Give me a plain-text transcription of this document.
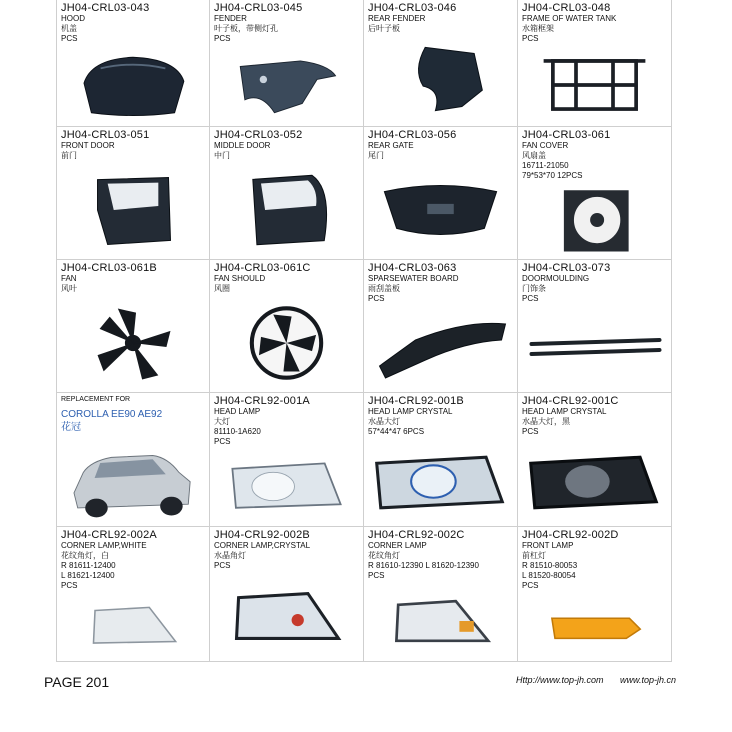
JH04-CRL03-043
HOOD
机盖
PCS
JH04-CRL03-045
FENDER
叶子板，带侧灯孔
PCS
JH04-CRL03-046
REAR FENDER
后叶子板
JH04-CRL03-048
FRAME OF WATER TANK
水箱框架
PCS
JH04-CRL03-051
FRONT DOOR
前门
JH04-CRL03-052
MIDDLE DOOR
中门
JH04-CRL03-056
REAR GATE
尾门
JH04-CRL03-061
FAN COVER
风扇盖
16711-21050
79*53*70 12PCS
JH04-CRL03-061B
FAN
风叶
JH04-CRL03-061C
FAN SHOULD
风圈
JH04-CRL03-063
SPARSEWATER BOARD
雨刮盖板
PCS
JH04-CRL03-073
DOORMOULDING
门饰条
PCS
REPLACEMENT FOR
COROLLA EE90 AE92
花冠
JH04-CRL92-001A
HEAD LAMP
大灯
81110-1A620
PCS
JH04-CRL92-001B
HEAD LAMP CRYSTAL
水晶大灯
57*44*47 6PCS
JH04-CRL92-001C
HEAD LAMP CRYSTAL
水晶大灯，黑
PCS
JH04-CRL92-002A
CORNER LAMP,WHITE
花纹角灯，白
R 81611-12400
L 81621-12400
PCS
JH04-CRL92-002B
CORNER LAMP,CRYSTAL
水晶角灯
PCS
JH04-CRL92-002C
CORNER LAMP
花纹角灯
R 81610-12390 L 81620-12390
PCS
JH04-CRL92-002D
FRONT LAMP
前杠灯
R 81510-80053
L 81520-80054
PCS
PAGE 201	Http://www.top-jh.com www.top-jh.cn
